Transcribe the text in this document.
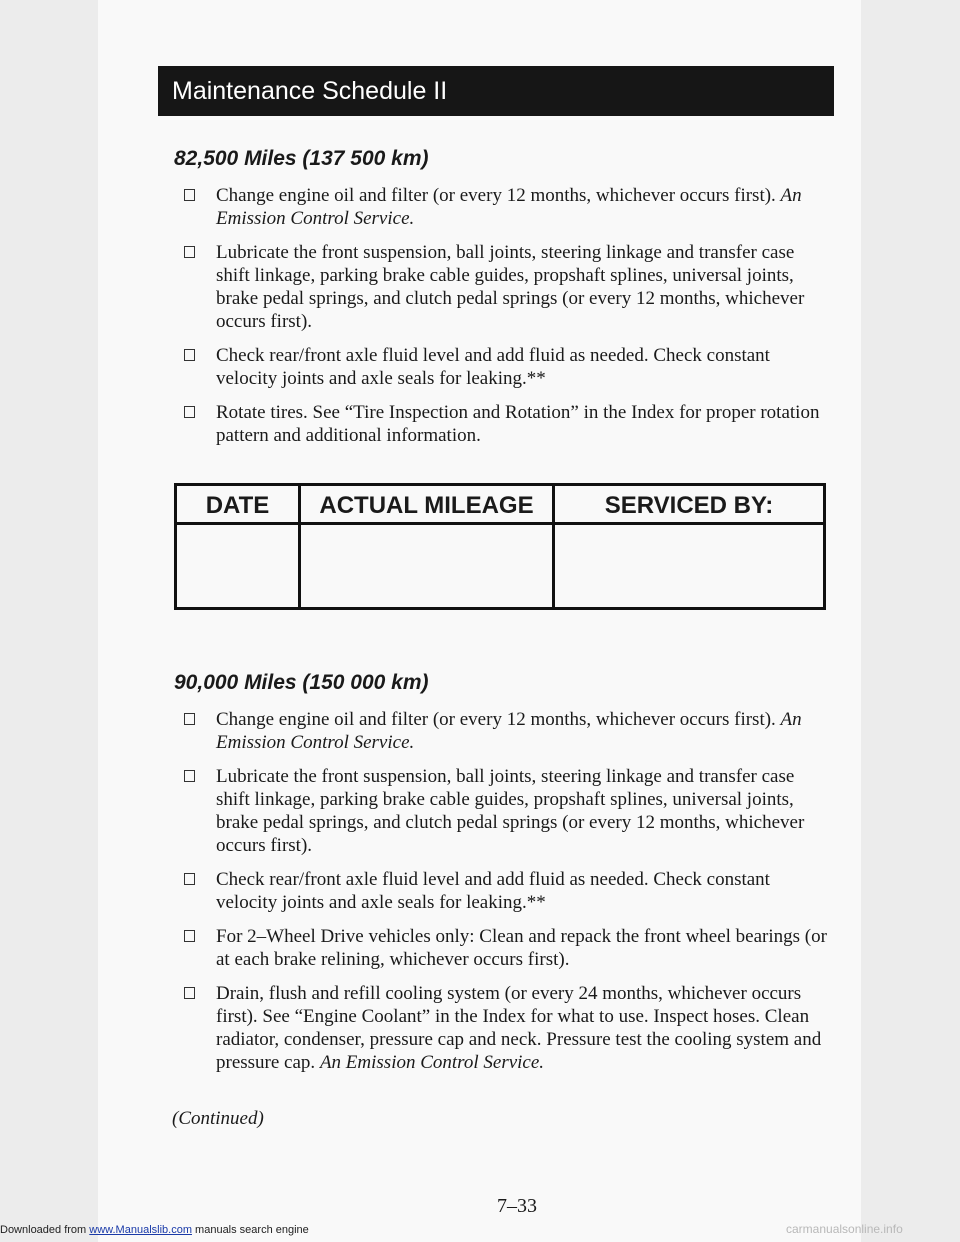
Maintenance Schedule II
82,500 Miles (137 500 km)
Change engine oil and filter (or every 12 months, whichever occurs first). An Emission Control Service.
Lubricate the front suspension, ball joints, steering linkage and transfer case shift linkage, parking brake cable guides, propshaft splines, universal joints, brake pedal springs, and clutch pedal springs (or every 12 months, whichever occurs first).
Check rear/front axle fluid level and add fluid as needed. Check constant velocity joints and axle seals for leaking.**
Rotate tires. See “Tire Inspection and Rotation” in the Index for proper rotation pattern and additional information.
DATE	ACTUAL MILEAGE	SERVICED BY:
90,000 Miles (150 000 km)
Change engine oil and filter (or every 12 months, whichever occurs first). An Emission Control Service.
Lubricate the front suspension, ball joints, steering linkage and transfer case shift linkage, parking brake cable guides, propshaft splines, universal joints, brake pedal springs, and clutch pedal springs (or every 12 months, whichever occurs first).
Check rear/front axle fluid level and add fluid as needed. Check constant velocity joints and axle seals for leaking.**
For 2–Wheel Drive vehicles only: Clean and repack the front wheel bearings (or at each brake relining, whichever occurs first).
Drain, flush and refill cooling system (or every 24 months, whichever occurs first). See “Engine Coolant” in the Index for what to use. Inspect hoses. Clean radiator, condenser, pressure cap and neck. Pressure test the cooling system and pressure cap. An Emission Control Service.
(Continued)
7–33
Downloaded from www.Manualslib.com manuals search engine	carmanualsonline.info
